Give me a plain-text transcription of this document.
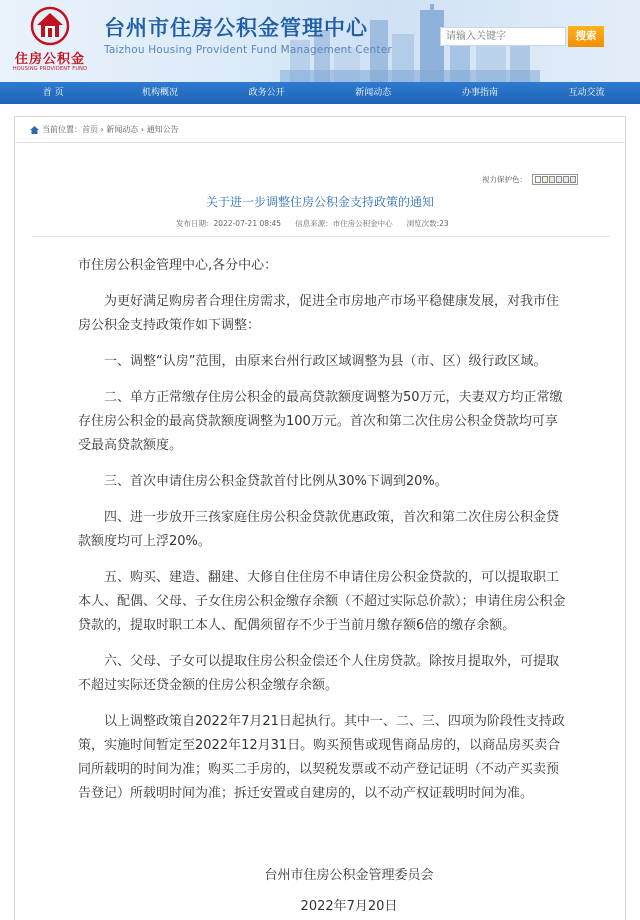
住房公积金
HOUSING PROVIDENT FUND
台州市住房公积金管理中心
Taizhou Housing Provident Fund Management Center
请输入关键字
搜索
首 页	机构概况	政务公开	新闻动态	办事指南	互动交流
当前位置： 首页 › 新闻动态 › 通知公告
视力保护色：
关于进一步调整住房公积金支持政策的通知
发布日期：2022-07-21 08:45 信息来源：市住房公积金中心 浏览次数:23

市住房公积金管理中心,各分中心：

为更好满足购房者合理住房需求，促进全市房地产市场平稳健康发展，对我市住房公积金支持政策作如下调整：

一、调整“认房”范围，由原来台州行政区域调整为县（市、区）级行政区域。

二、单方正常缴存住房公积金的最高贷款额度调整为50万元，夫妻双方均正常缴存住房公积金的最高贷款额度调整为100万元。首次和第二次住房公积金贷款均可享受最高贷款额度。

三、首次申请住房公积金贷款首付比例从30%下调到20%。

四、进一步放开三孩家庭住房公积金贷款优惠政策，首次和第二次住房公积金贷款额度均可上浮20%。

五、购买、建造、翻建、大修自住住房不申请住房公积金贷款的，可以提取职工本人、配偶、父母、子女住房公积金缴存余额（不超过实际总价款）；申请住房公积金贷款的，提取时职工本人、配偶须留存不少于当前月缴存额6倍的缴存余额。

六、父母、子女可以提取住房公积金偿还个人住房贷款。除按月提取外，可提取不超过实际还贷金额的住房公积金缴存余额。

以上调整政策自2022年7月21日起执行。其中一、二、三、四项为阶段性支持政策，实施时间暂定至2022年12月31日。购买预售或现售商品房的，以商品房买卖合同所载明的时间为准；购买二手房的，以契税发票或不动产登记证明（不动产买卖预告登记）所载明时间为准；拆迁安置或自建房的，以不动产权证载明时间为准。

台州市住房公积金管理委员会
2022年7月20日
